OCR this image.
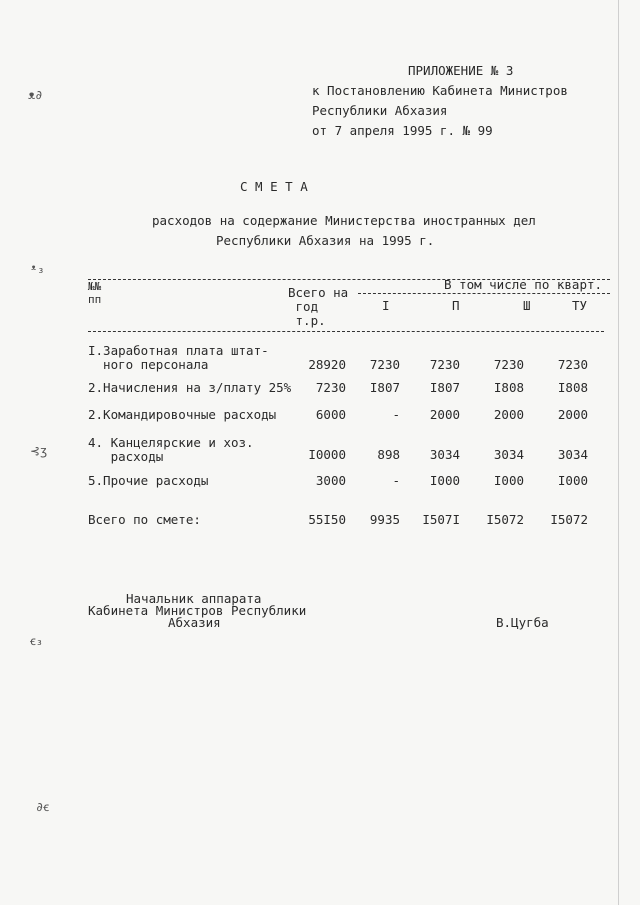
ᴥ∂
ᵜ₃
⊰ʒ
ꞓ₃
∂ꞓ
ПРИЛОЖЕНИЕ № 3
к Постановлению Кабинета Министров
Республики Абхазия
от 7 апреля 1995 г. № 99
С М Е Т А
расходов на содержание Министерства иностранных дел
Республики Абхазия на 1995 г.
№№
пп	Всего на
год
т.р.
В том числе по кварт.
I	П	Ш	ТУ
I.Заработная плата штат-
ного персонала	28920	7230	7230	7230	7230
2.Начисления на з/плату 25%	7230	I807	I807	I808	I808
2.Командировочные расходы	6000	-	2000	2000	2000
4. Канцелярские и хоз.
расходы	I0000	898	3034	3034	3034
5.Прочие расходы	3000	-	I000	I000	I000
Всего по смете:	55I50	9935	I507I	I5072	I5072
Начальник аппарата
Кабинета Министров Республики
Абхазия	В.Цугба
